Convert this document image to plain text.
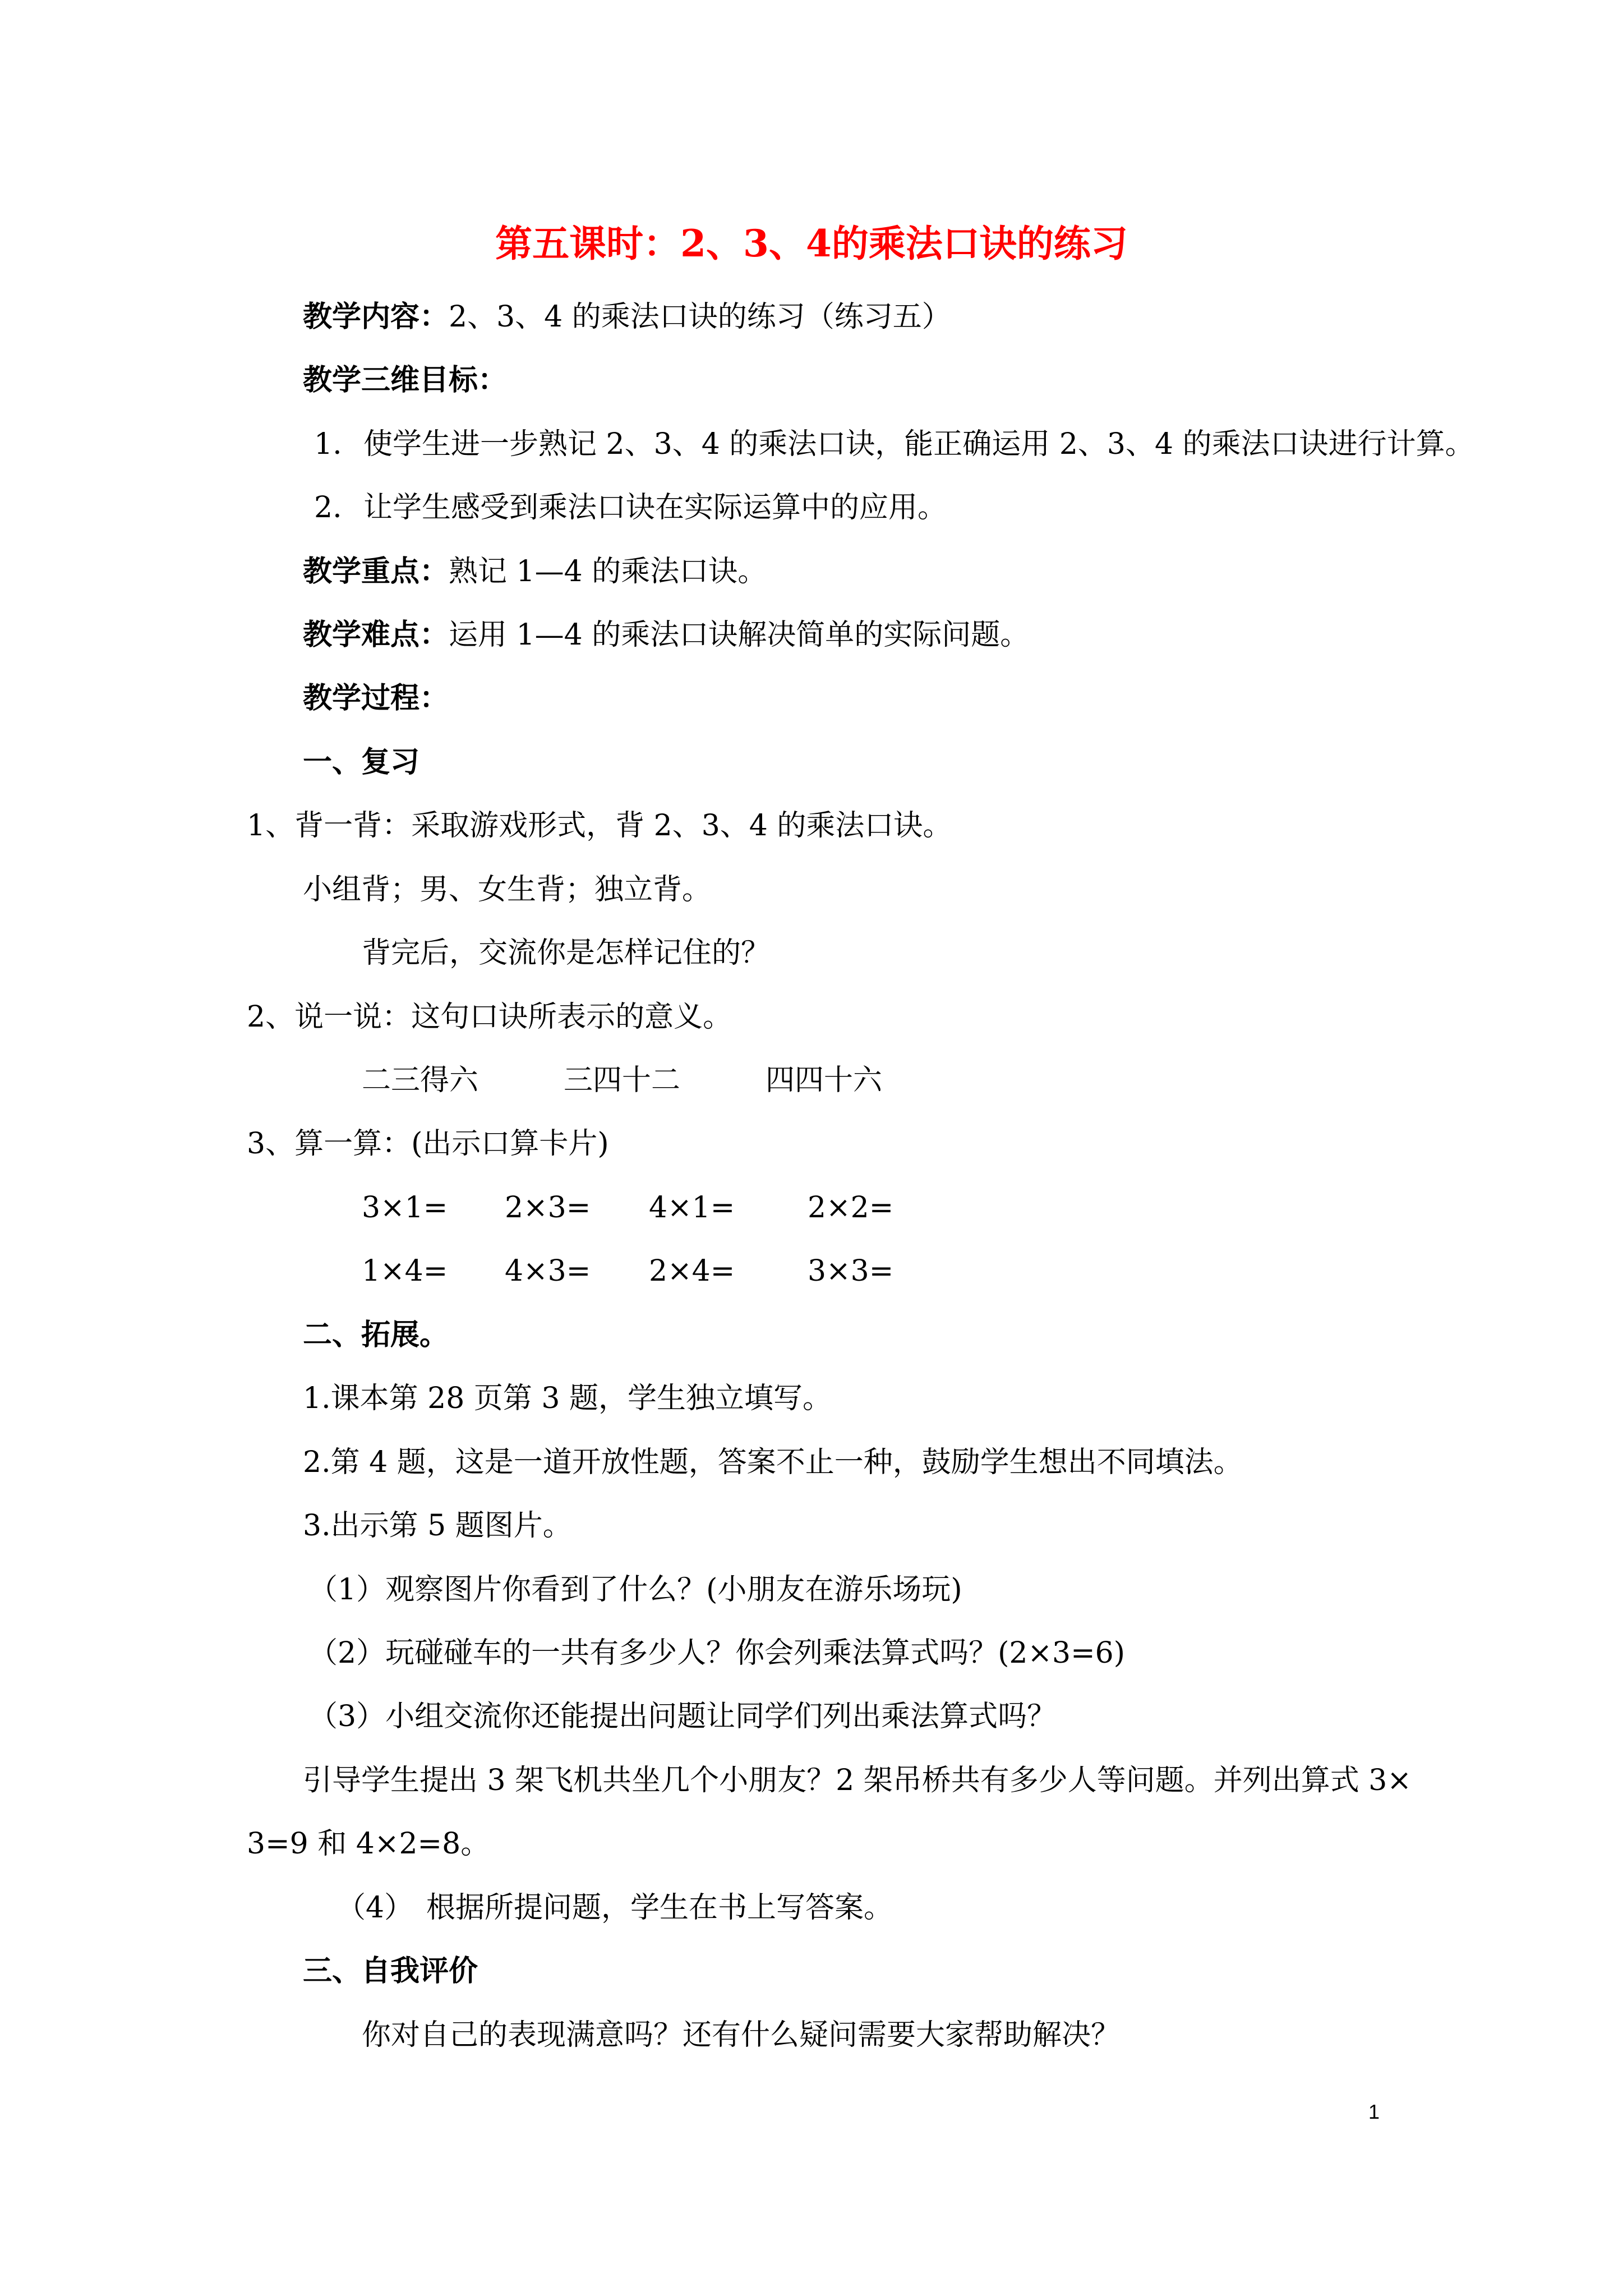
第五课时：2、3、4的乘法口诀的练习
教学内容：2、3、4 的乘法口诀的练习（练习五）
教学三维目标：
1. 使学生进一步熟记 2、3、4 的乘法口诀，能正确运用 2、3、4 的乘法口诀进行计算。
2. 让学生感受到乘法口诀在实际运算中的应用。
教学重点：熟记 1—4 的乘法口诀。
教学难点：运用 1—4 的乘法口诀解决简单的实际问题。
教学过程：
一、复习
1、背一背：采取游戏形式，背 2、3、4 的乘法口诀。
小组背；男、女生背；独立背。
背完后，交流你是怎样记住的？
2、说一说：这句口诀所表示的意义。
二三得六	三四十二	四四十六
3、算一算：(出示口算卡片)
3×1= 2×3= 4×1= 2×2=
1×4= 4×3= 2×4= 3×3=
二、拓展。
1.课本第 28 页第 3 题，学生独立填写。
2.第 4 题，这是一道开放性题，答案不止一种，鼓励学生想出不同填法。
3.出示第 5 题图片。
（1）观察图片你看到了什么？(小朋友在游乐场玩)
（2）玩碰碰车的一共有多少人？你会列乘法算式吗？(2×3=6)
（3）小组交流你还能提出问题让同学们列出乘法算式吗？
引导学生提出 3 架飞机共坐几个小朋友？2 架吊桥共有多少人等问题。并列出算式 3×
3=9 和 4×2=8。
（4） 根据所提问题，学生在书上写答案。
三、自我评价
你对自己的表现满意吗？还有什么疑问需要大家帮助解决？
1
